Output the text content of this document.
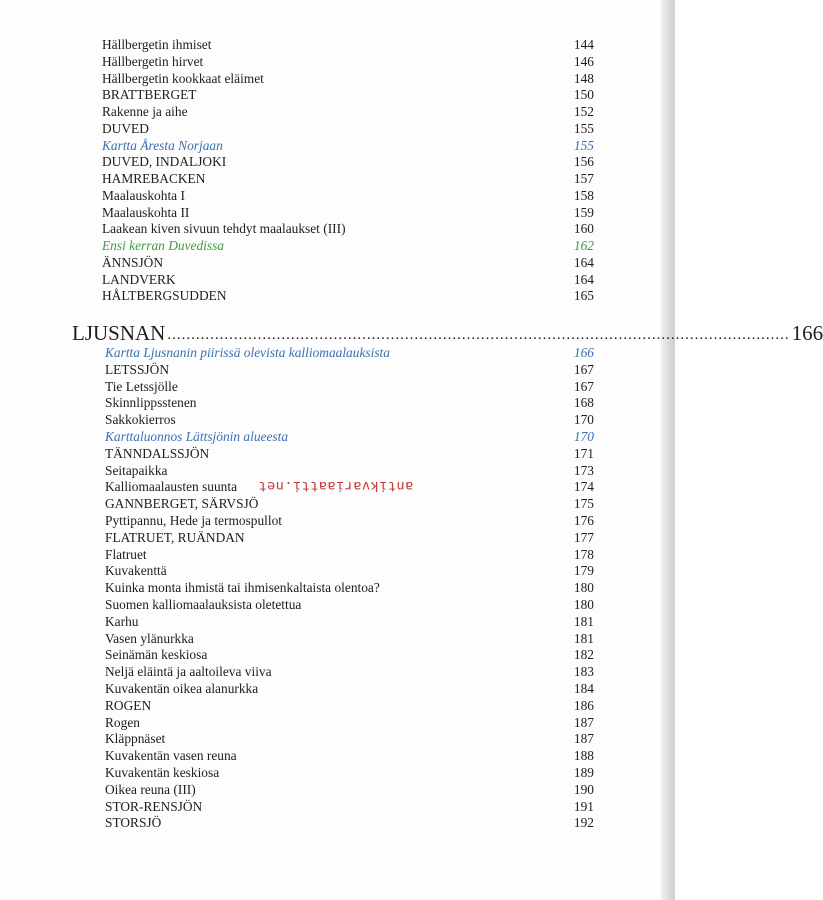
Hällbergetin ihmiset	144
Hällbergetin hirvet	146
Hällbergetin kookkaat eläimet	148
BRATTBERGET	150
Rakenne ja aihe	152
DUVED	155
Kartta Åresta Norjaan	155
DUVED, INDALJOKI	156
HAMREBACKEN	157
Maalauskohta I	158
Maalauskohta II	159
Laakean kiven sivuun tehdyt maalaukset (III)	160
Ensi kerran Duvedissa	162
ÄNNSJÖN	164
LANDVERK	164
HÅLTBERGSUDDEN	165
LJUSNAN ................................................................................................................................... 166
Kartta Ljusnanin piirissä olevista kalliomaalauksista	166
LETSSJÖN	167
Tie Letssjölle	167
Skinnlippsstenen	168
Sakkokierros	170
Karttaluonnos Lättsjönin alueesta	170
TÄNNDALSSJÖN	171
Seitapaikka	173
Kalliomaalausten suunta	174
GANNBERGET, SÄRVSJÖ	175
Pyttipannu, Hede ja termospullot	176
FLATRUET, RUÄNDAN	177
Flatruet	178
Kuvakenttä	179
Kuinka monta ihmistä tai ihmisenkaltaista olentoa?	180
Suomen kalliomaalauksista oletettua	180
Karhu	181
Vasen ylänurkka	181
Seinämän keskiosa	182
Neljä eläintä ja aaltoileva viiva	183
Kuvakentän oikea alanurkka	184
ROGEN	186
Rogen	187
Kläppnäset	187
Kuvakentän vasen reuna	188
Kuvakentän keskiosa	189
Oikea reuna (III)	190
STOR-RENSJÖN	191
STORSJÖ	192
antikvariaatti.net
